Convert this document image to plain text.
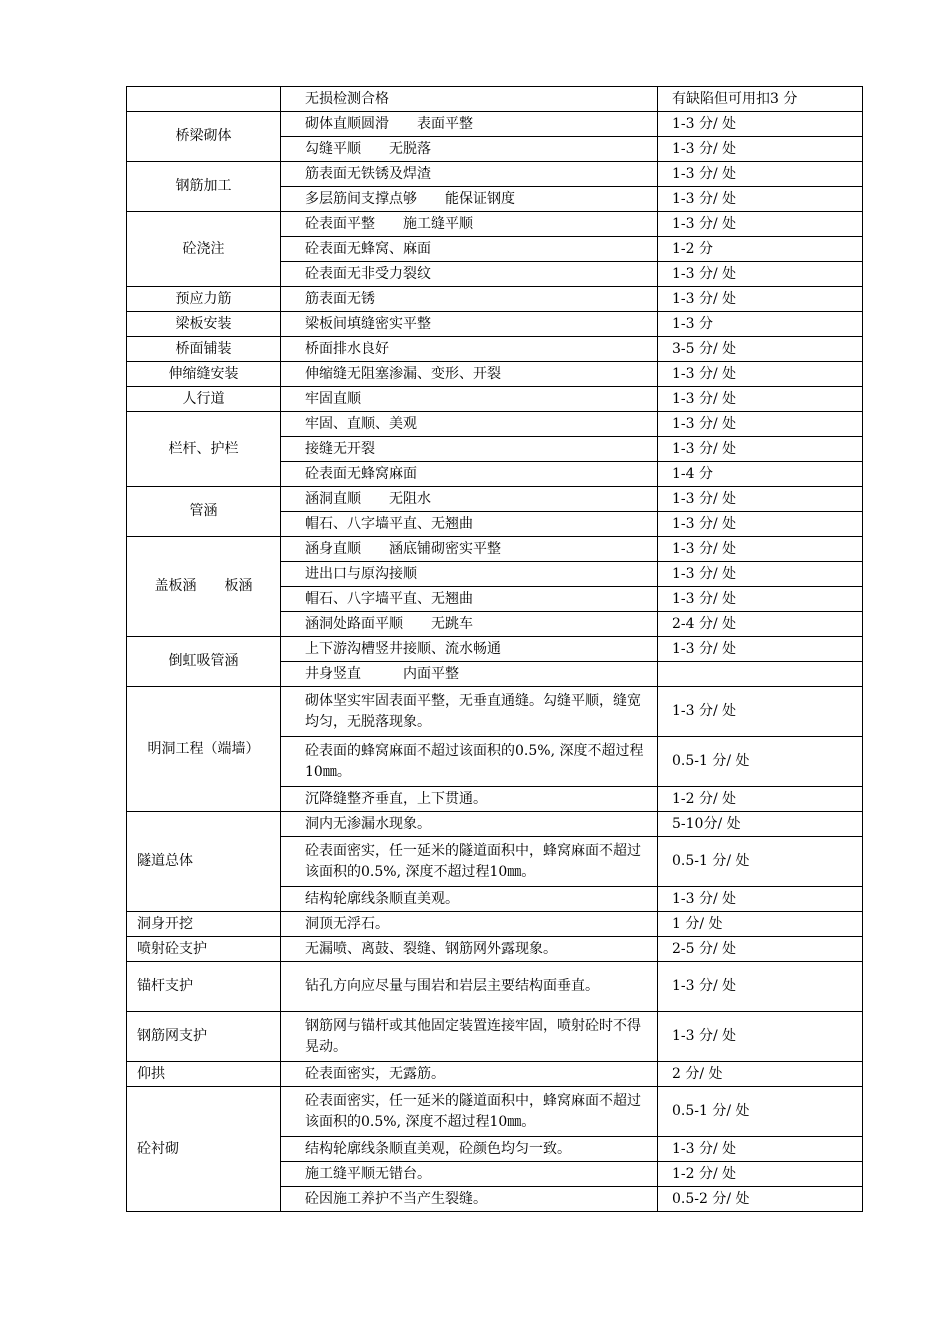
	无损检测合格	有缺陷但可用扣3 分
桥梁砌体	砌体直顺圆滑　　表面平整	1-3 分/ 处
	勾缝平顺　　无脱落	1-3 分/ 处
钢筋加工	筋表面无铁锈及焊渣	1-3 分/ 处
	多层筋间支撑点够　　能保证钢度	1-3 分/ 处
砼浇注	砼表面平整　　施工缝平顺	1-3 分/ 处
	砼表面无蜂窝、麻面	1-2 分
	砼表面无非受力裂纹	1-3 分/ 处
预应力筋	筋表面无锈	1-3 分/ 处
梁板安装	梁板间填缝密实平整	1-3 分
桥面铺装	桥面排水良好	3-5 分/ 处
伸缩缝安装	伸缩缝无阻塞渗漏、变形、开裂	1-3 分/ 处
人行道	牢固直顺	1-3 分/ 处
栏杆、护栏	牢固、直顺、美观	1-3 分/ 处
	接缝无开裂	1-3 分/ 处
	砼表面无蜂窝麻面	1-4 分
管涵	涵洞直顺　　无阻水	1-3 分/ 处
	帽石、八字墙平直、无翘曲	1-3 分/ 处
盖板涵　　板涵	涵身直顺　　涵底铺砌密实平整	1-3 分/ 处
	进出口与原沟接顺	1-3 分/ 处
	帽石、八字墙平直、无翘曲	1-3 分/ 处
	涵洞处路面平顺　　无跳车	2-4 分/ 处
倒虹吸管涵	上下游沟槽竖井接顺、流水畅通	1-3 分/ 处
	井身竖直　　　内面平整	
明洞工程（端墙）	砌体坚实牢固表面平整，无垂直通缝。勾缝平顺，缝宽均匀，无脱落现象。	1-3 分/ 处
	砼表面的蜂窝麻面不超过该面积的0.5%, 深度不超过程10㎜。	0.5-1 分/ 处
	沉降缝整齐垂直，上下贯通。	1-2 分/ 处
隧道总体	洞内无渗漏水现象。	5-10分/ 处
	砼表面密实，任一延米的隧道面积中，蜂窝麻面不超过该面积的0.5%, 深度不超过程10㎜。	0.5-1 分/ 处
	结构轮廓线条顺直美观。	1-3 分/ 处
洞身开挖	洞顶无浮石。	1 分/ 处
喷射砼支护	无漏喷、离鼓、裂缝、钢筋网外露现象。	2-5 分/ 处
锚杆支护	钻孔方向应尽量与围岩和岩层主要结构面垂直。	1-3 分/ 处
钢筋网支护	钢筋网与锚杆或其他固定装置连接牢固，喷射砼时不得晃动。	1-3 分/ 处
仰拱	砼表面密实，无露筋。	2 分/ 处
砼衬砌	砼表面密实，任一延米的隧道面积中，蜂窝麻面不超过该面积的0.5%, 深度不超过程10㎜。	0.5-1 分/ 处
	结构轮廓线条顺直美观，砼颜色均匀一致。	1-3 分/ 处
	施工缝平顺无错台。	1-2 分/ 处
	砼因施工养护不当产生裂缝。	0.5-2 分/ 处
